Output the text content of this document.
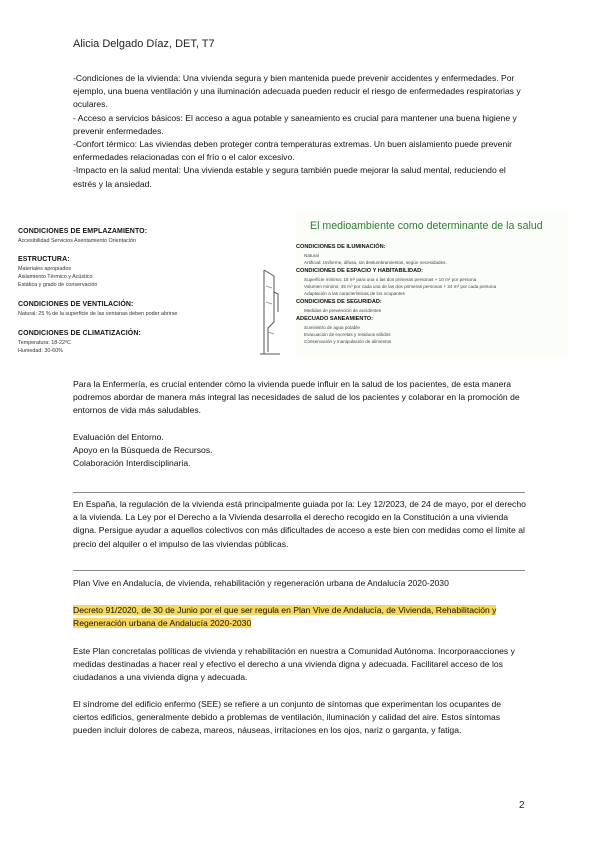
Alicia Delgado Díaz, DET, T7

-Condiciones de la vivienda: Una vivienda segura y bien mantenida puede prevenir accidentes y enfermedades. Por ejemplo, una buena ventilación y una iluminación adecuada pueden reducir el riesgo de enfermedades respiratorias y oculares.

- Acceso a servicios básicos: El acceso a agua potable y saneamiento es crucial para mantener una buena higiene y prevenir enfermedades.

-Confort térmico: Las viviendas deben proteger contra temperaturas extremas. Un buen aislamiento puede prevenir enfermedades relacionadas con el frío o el calor excesivo.

-Impacto en la salud mental: Una vivienda estable y segura también puede mejorar la salud mental, reduciendo el estrés y la ansiedad.

CONDICIONES DE EMPLAZAMIENTO:
Accesibilidad Servicios Asentamiento Orientación
ESTRUCTURA:
Materiales apropiados
Aislamiento Térmico y Acústico
Estática y grado de conservación
CONDICIONES DE VENTILACIÓN:
Natural: 25 % de la superficie de las ventanas deben poder abrirse
CONDICIONES DE CLIMATIZACIÓN:
Temperatura: 18-22ºC
Humedad: 30-60%
El medioambiente como determinante de la salud
CONDICIONES DE ILUMINACIÓN:
Natural
Artificial: Uniforme, difusa, sin deslumbramientos, según necesidades.
CONDICIONES DE ESPACIO Y HABITABILIDAD:
Superficie mínima: 18 m² para una o las dos primeras personas + 10 m² por persona
Volumen mínimo: 45 m³ por cada una de las dos primeras personas + 24 m³ por cada persona
Adaptación a las características de los ocupantes
CONDICIONES DE SEGURIDAD:
Medidas de prevención de accidentes
ADECUADO SANEAMIENTO:
Suministro de agua potable
Evacuación de excretas y residuos sólidos
Conservación y manipulación de alimentos

Para la Enfermería, es crucial entender cómo la vivienda puede influir en la salud de los pacientes, de esta manera podremos abordar de manera más integral las necesidades de salud de los pacientes y colaborar en la promoción de entornos de vida más saludables.

Evaluación del Entorno.

Apoyo en la Búsqueda de Recursos.

Colaboración Interdisciplinaria.

En España, la regulación de la vivienda está principalmente guiada por la: Ley 12/2023, de 24 de mayo, por el derecho a la vivienda. La Ley por el Derecho a la Vivienda desarrolla el derecho recogido en la Constitución a una vivienda digna. Persigue ayudar a aquellos colectivos con más dificultades de acceso a este bien con medidas como el límite al precio del alquiler o el impulso de las viviendas públicas.

Plan Vive en Andalucía, de vivienda, rehabilitación y regeneración urbana de Andalucía 2020-2030

Decreto 91/2020, de 30 de Junio por el que ser regula en Plan Vive de Andalucía, de Vivienda, Rehabilitación y Regeneración urbana de Andalucía 2020-2030

Este Plan concretalas políticas de vivienda y rehabilitación en nuestra a Comunidad Autónoma. Incorporaacciones y medidas destinadas a hacer real y efectivo el derecho a una vivienda digna y adecuada. Facilitarel acceso de los ciudadanos a una vivienda digna y adecuada.

El síndrome del edificio enfermo (SEE) se refiere a un conjunto de síntomas que experimentan los ocupantes de ciertos edificios, generalmente debido a problemas de ventilación, iluminación y calidad del aire. Estos síntomas pueden incluir dolores de cabeza, mareos, náuseas, irritaciones en los ojos, nariz o garganta, y fatiga.

2
